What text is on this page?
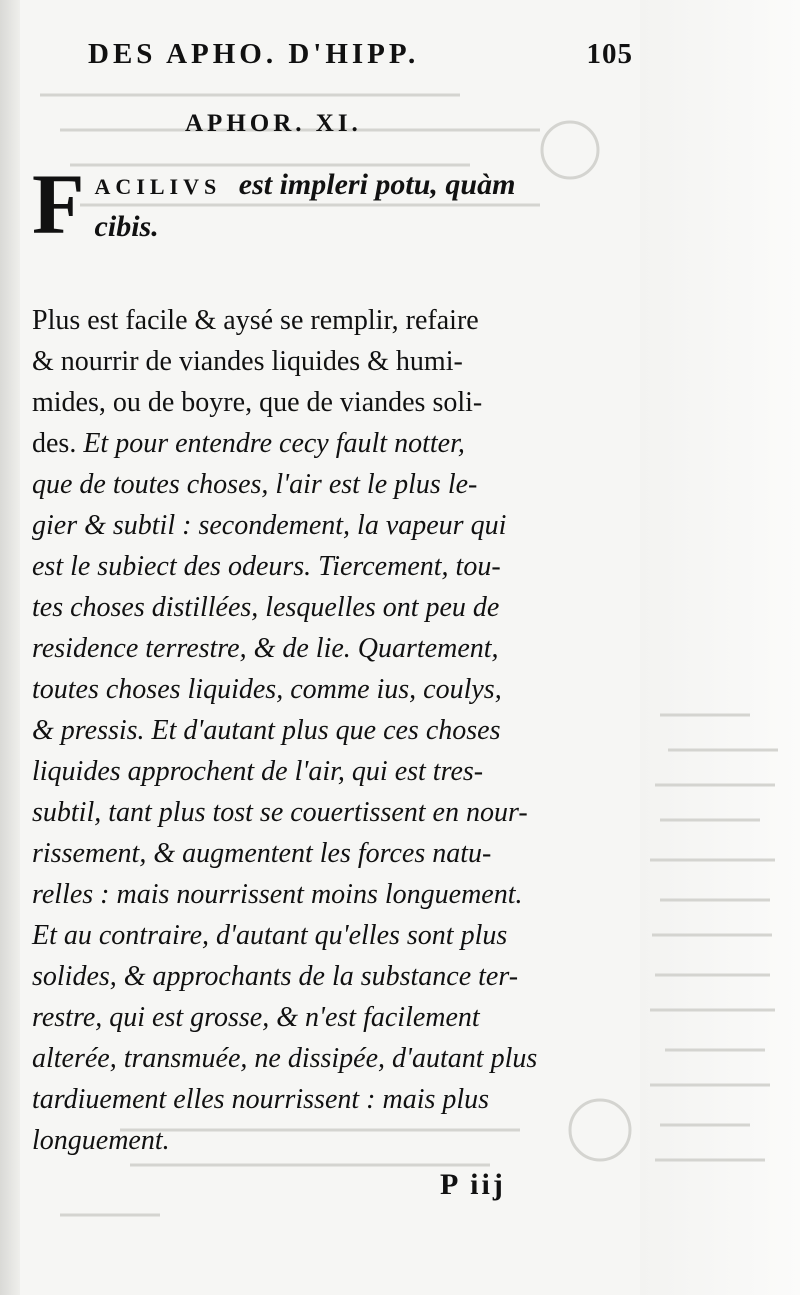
DES APHO. D'HIPP.	105
APHOR. XI.
F ACILIVS est impleri potu, quàm
cibis.
Plus est facile & aysé se remplir, refaire
& nourrir de viandes liquides & humi-
mides, ou de boyre, que de viandes soli-
des. Et pour entendre cecy fault notter,
que de toutes choses, l'air est le plus le-
gier & subtil : secondement, la vapeur qui
est le subiect des odeurs. Tiercement, tou-
tes choses distillées, lesquelles ont peu de
residence terrestre, & de lie. Quartement,
toutes choses liquides, comme ius, coulys,
& pressis. Et d'autant plus que ces choses
liquides approchent de l'air, qui est tres-
subtil, tant plus tost se couertissent en nour-
rissement, & augmentent les forces natu-
relles : mais nourrissent moins longuement.
Et au contraire, d'autant qu'elles sont plus
solides, & approchants de la substance ter-
restre, qui est grosse, & n'est facilement
alterée, transmuée, ne dissipée, d'autant plus
tardiuement elles nourrissent : mais plus
longuement.
P iij
